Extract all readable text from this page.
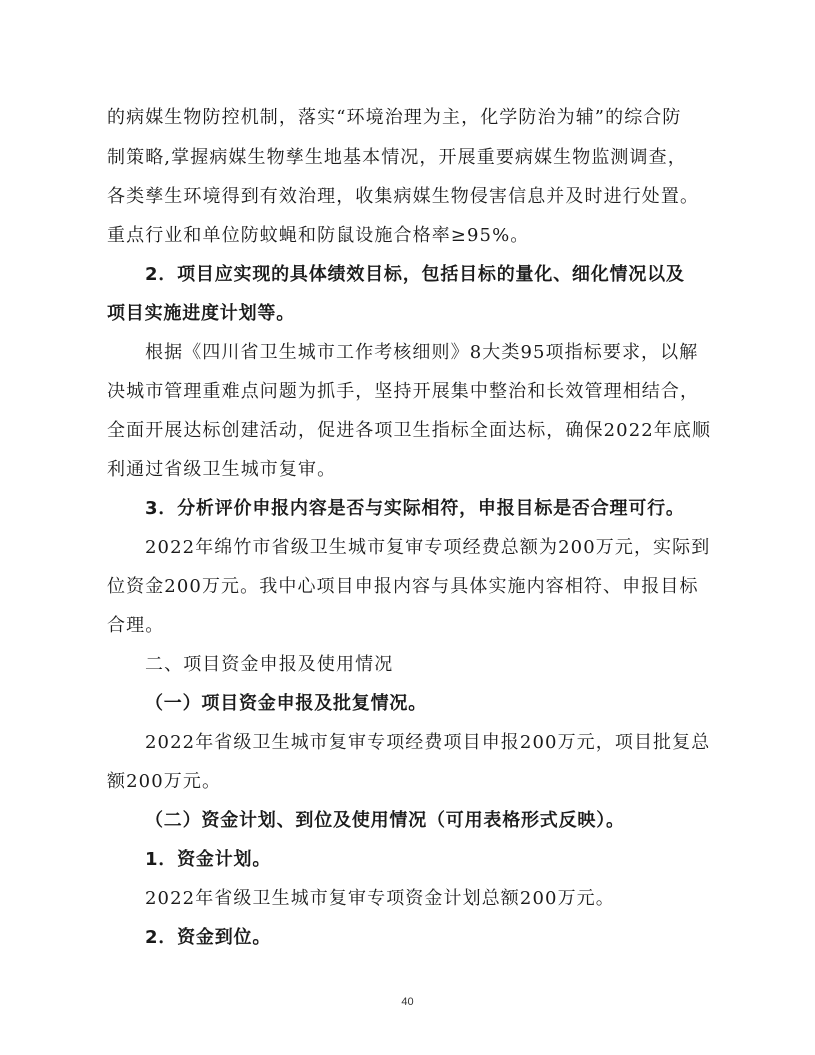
的病媒生物防控机制，落实“环境治理为主，化学防治为辅”的综合防
制策略,掌握病媒生物孳生地基本情况，开展重要病媒生物监测调查，
各类孳生环境得到有效治理，收集病媒生物侵害信息并及时进行处置。
重点行业和单位防蚊蝇和防鼠设施合格率≥95%。
2．项目应实现的具体绩效目标，包括目标的量化、细化情况以及
项目实施进度计划等。
根据《四川省卫生城市工作考核细则》8大类95项指标要求，以解
决城市管理重难点问题为抓手，坚持开展集中整治和长效管理相结合，
全面开展达标创建活动，促进各项卫生指标全面达标，确保2022年底顺
利通过省级卫生城市复审。
3．分析评价申报内容是否与实际相符，申报目标是否合理可行。
2022年绵竹市省级卫生城市复审专项经费总额为200万元，实际到
位资金200万元。我中心项目申报内容与具体实施内容相符、申报目标
合理。
二、项目资金申报及使用情况
（一）项目资金申报及批复情况。
2022年省级卫生城市复审专项经费项目申报200万元，项目批复总
额200万元。
（二）资金计划、到位及使用情况（可用表格形式反映）。
1．资金计划。
2022年省级卫生城市复审专项资金计划总额200万元。
2．资金到位。
40
